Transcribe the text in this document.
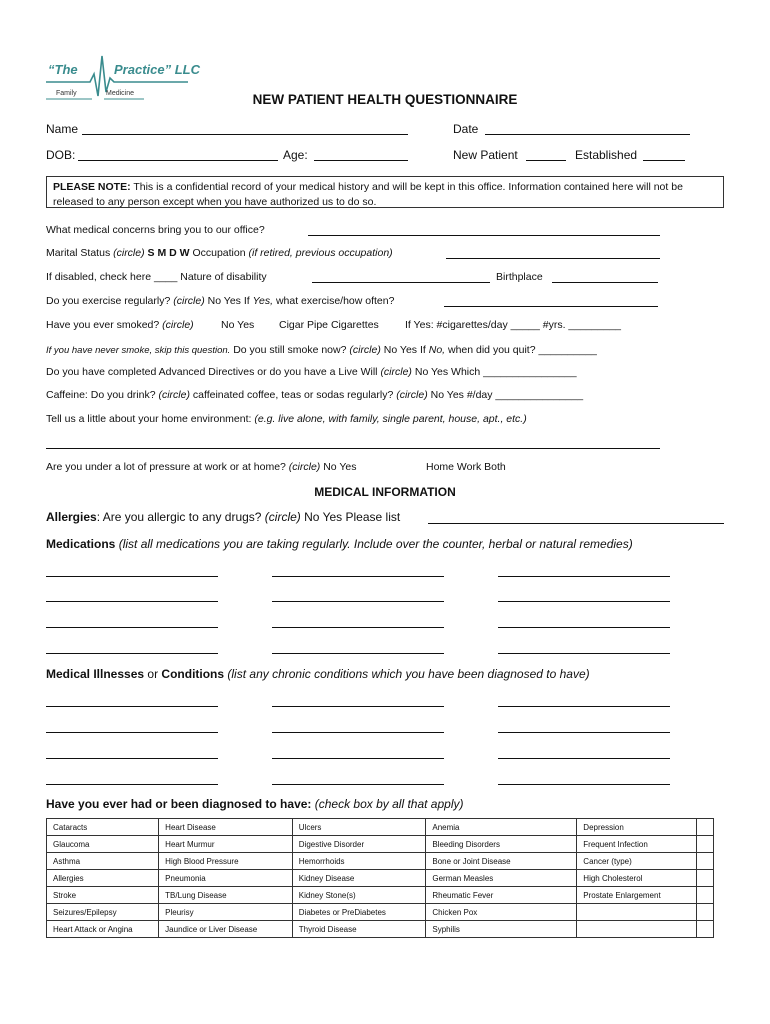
“The	Practice” LLC
Family	Medicine	NEW PATIENT HEALTH QUESTIONNAIRE
Name	Date
DOB:	Age:	New Patient	Established
PLEASE NOTE: This is a confidential record of your medical history and will be kept in this office. Information contained here will not be released to any person except when you have authorized us to do so.
What medical concerns bring you to our office?
Marital Status (circle) S M D W Occupation (if retired, previous occupation)
If disabled, check here ____ Nature of disability	Birthplace
Do you exercise regularly? (circle) No Yes If Yes, what exercise/how often?
Have you ever smoked? (circle)	No Yes Cigar Pipe Cigarettes If Yes: #cigarettes/day _____ #yrs. _________
If you have never smoke, skip this question. Do you still smoke now? (circle) No Yes If No, when did you quit? __________
Do you have completed Advanced Directives or do you have a Live Will (circle) No Yes Which ________________
Caffeine: Do you drink? (circle) caffeinated coffee, teas or sodas regularly? (circle) No Yes #/day _______________
Tell us a little about your home environment: (e.g. live alone, with family, single parent, house, apt., etc.)
Are you under a lot of pressure at work or at home? (circle) No Yes	Home Work Both
MEDICAL INFORMATION
Allergies: Are you allergic to any drugs? (circle) No Yes Please list
Medications (list all medications you are taking regularly. Include over the counter, herbal or natural remedies)
Medical Illnesses or Conditions (list any chronic conditions which you have been diagnosed to have)
Have you ever had or been diagnosed to have: (check box by all that apply)
Cataracts	Heart Disease	Ulcers	Anemia	Depression	
Glaucoma	Heart Murmur	Digestive Disorder	Bleeding Disorders	Frequent Infection	
Asthma	High Blood Pressure	Hemorrhoids	Bone or Joint Disease	Cancer (type)	
Allergies	Pneumonia	Kidney Disease	German Measles	High Cholesterol	
Stroke	TB/Lung Disease	Kidney Stone(s)	Rheumatic Fever	Prostate Enlargement	
Seizures/Epilepsy	Pleurisy	Diabetes or PreDiabetes	Chicken Pox		
Heart Attack or Angina	Jaundice or Liver Disease	Thyroid Disease	Syphilis		
